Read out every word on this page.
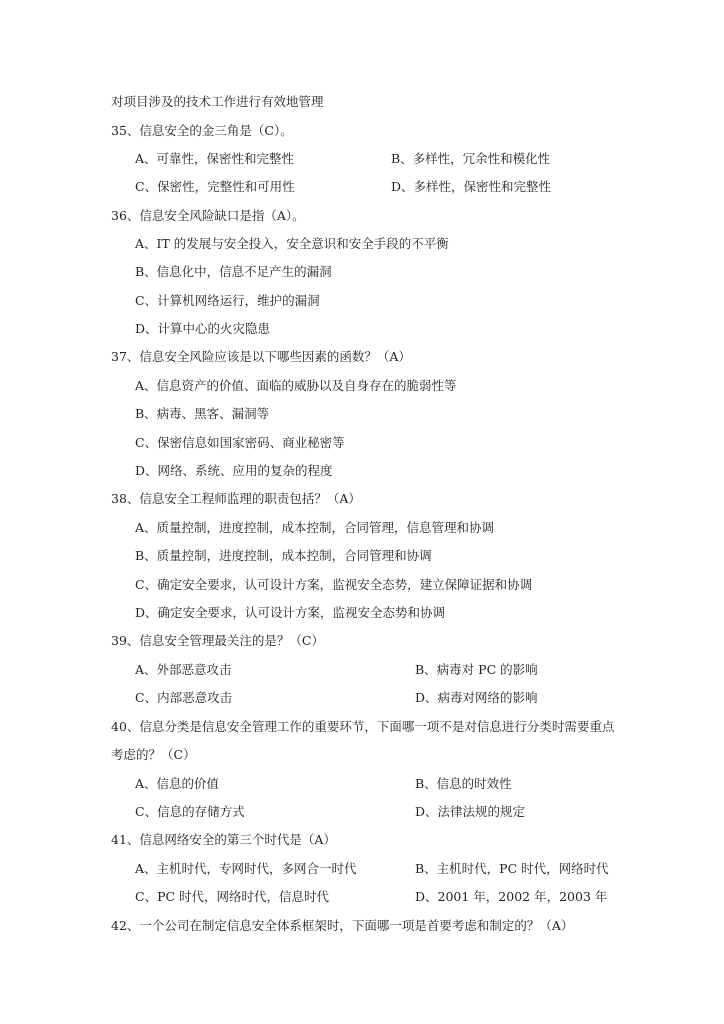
对项目涉及的技术工作进行有效地管理
35、信息安全的金三角是（C）。
A、可靠性，保密性和完整性	B、多样性，冗余性和模化性
C、保密性，完整性和可用性	D、多样性，保密性和完整性
36、信息安全风险缺口是指（A）。
A、IT 的发展与安全投入，安全意识和安全手段的不平衡
B、信息化中，信息不足产生的漏洞
C、计算机网络运行，维护的漏洞
D、计算中心的火灾隐患
37、信息安全风险应该是以下哪些因素的函数？（A）
A、信息资产的价值、面临的威胁以及自身存在的脆弱性等
B、病毒、黑客、漏洞等
C、保密信息如国家密码、商业秘密等
D、网络、系统、应用的复杂的程度
38、信息安全工程师监理的职责包括？（A）
A、质量控制，进度控制，成本控制，合同管理，信息管理和协调
B、质量控制，进度控制，成本控制，合同管理和协调
C、确定安全要求，认可设计方案，监视安全态势，建立保障证据和协调
D、确定安全要求，认可设计方案，监视安全态势和协调
39、信息安全管理最关注的是？（C）
A、外部恶意攻击	B、病毒对 PC 的影响
C、内部恶意攻击	D、病毒对网络的影响
40、信息分类是信息安全管理工作的重要环节，下面哪一项不是对信息进行分类时需要重点
考虑的？（C）
A、信息的价值	B、信息的时效性
C、信息的存储方式	D、法律法规的规定
41、信息网络安全的第三个时代是（A）
A、主机时代，专网时代，多网合一时代	B、主机时代，PC 时代，网络时代
C、PC 时代，网络时代，信息时代	D、2001 年，2002 年，2003 年
42、一个公司在制定信息安全体系框架时，下面哪一项是首要考虑和制定的？（A）
